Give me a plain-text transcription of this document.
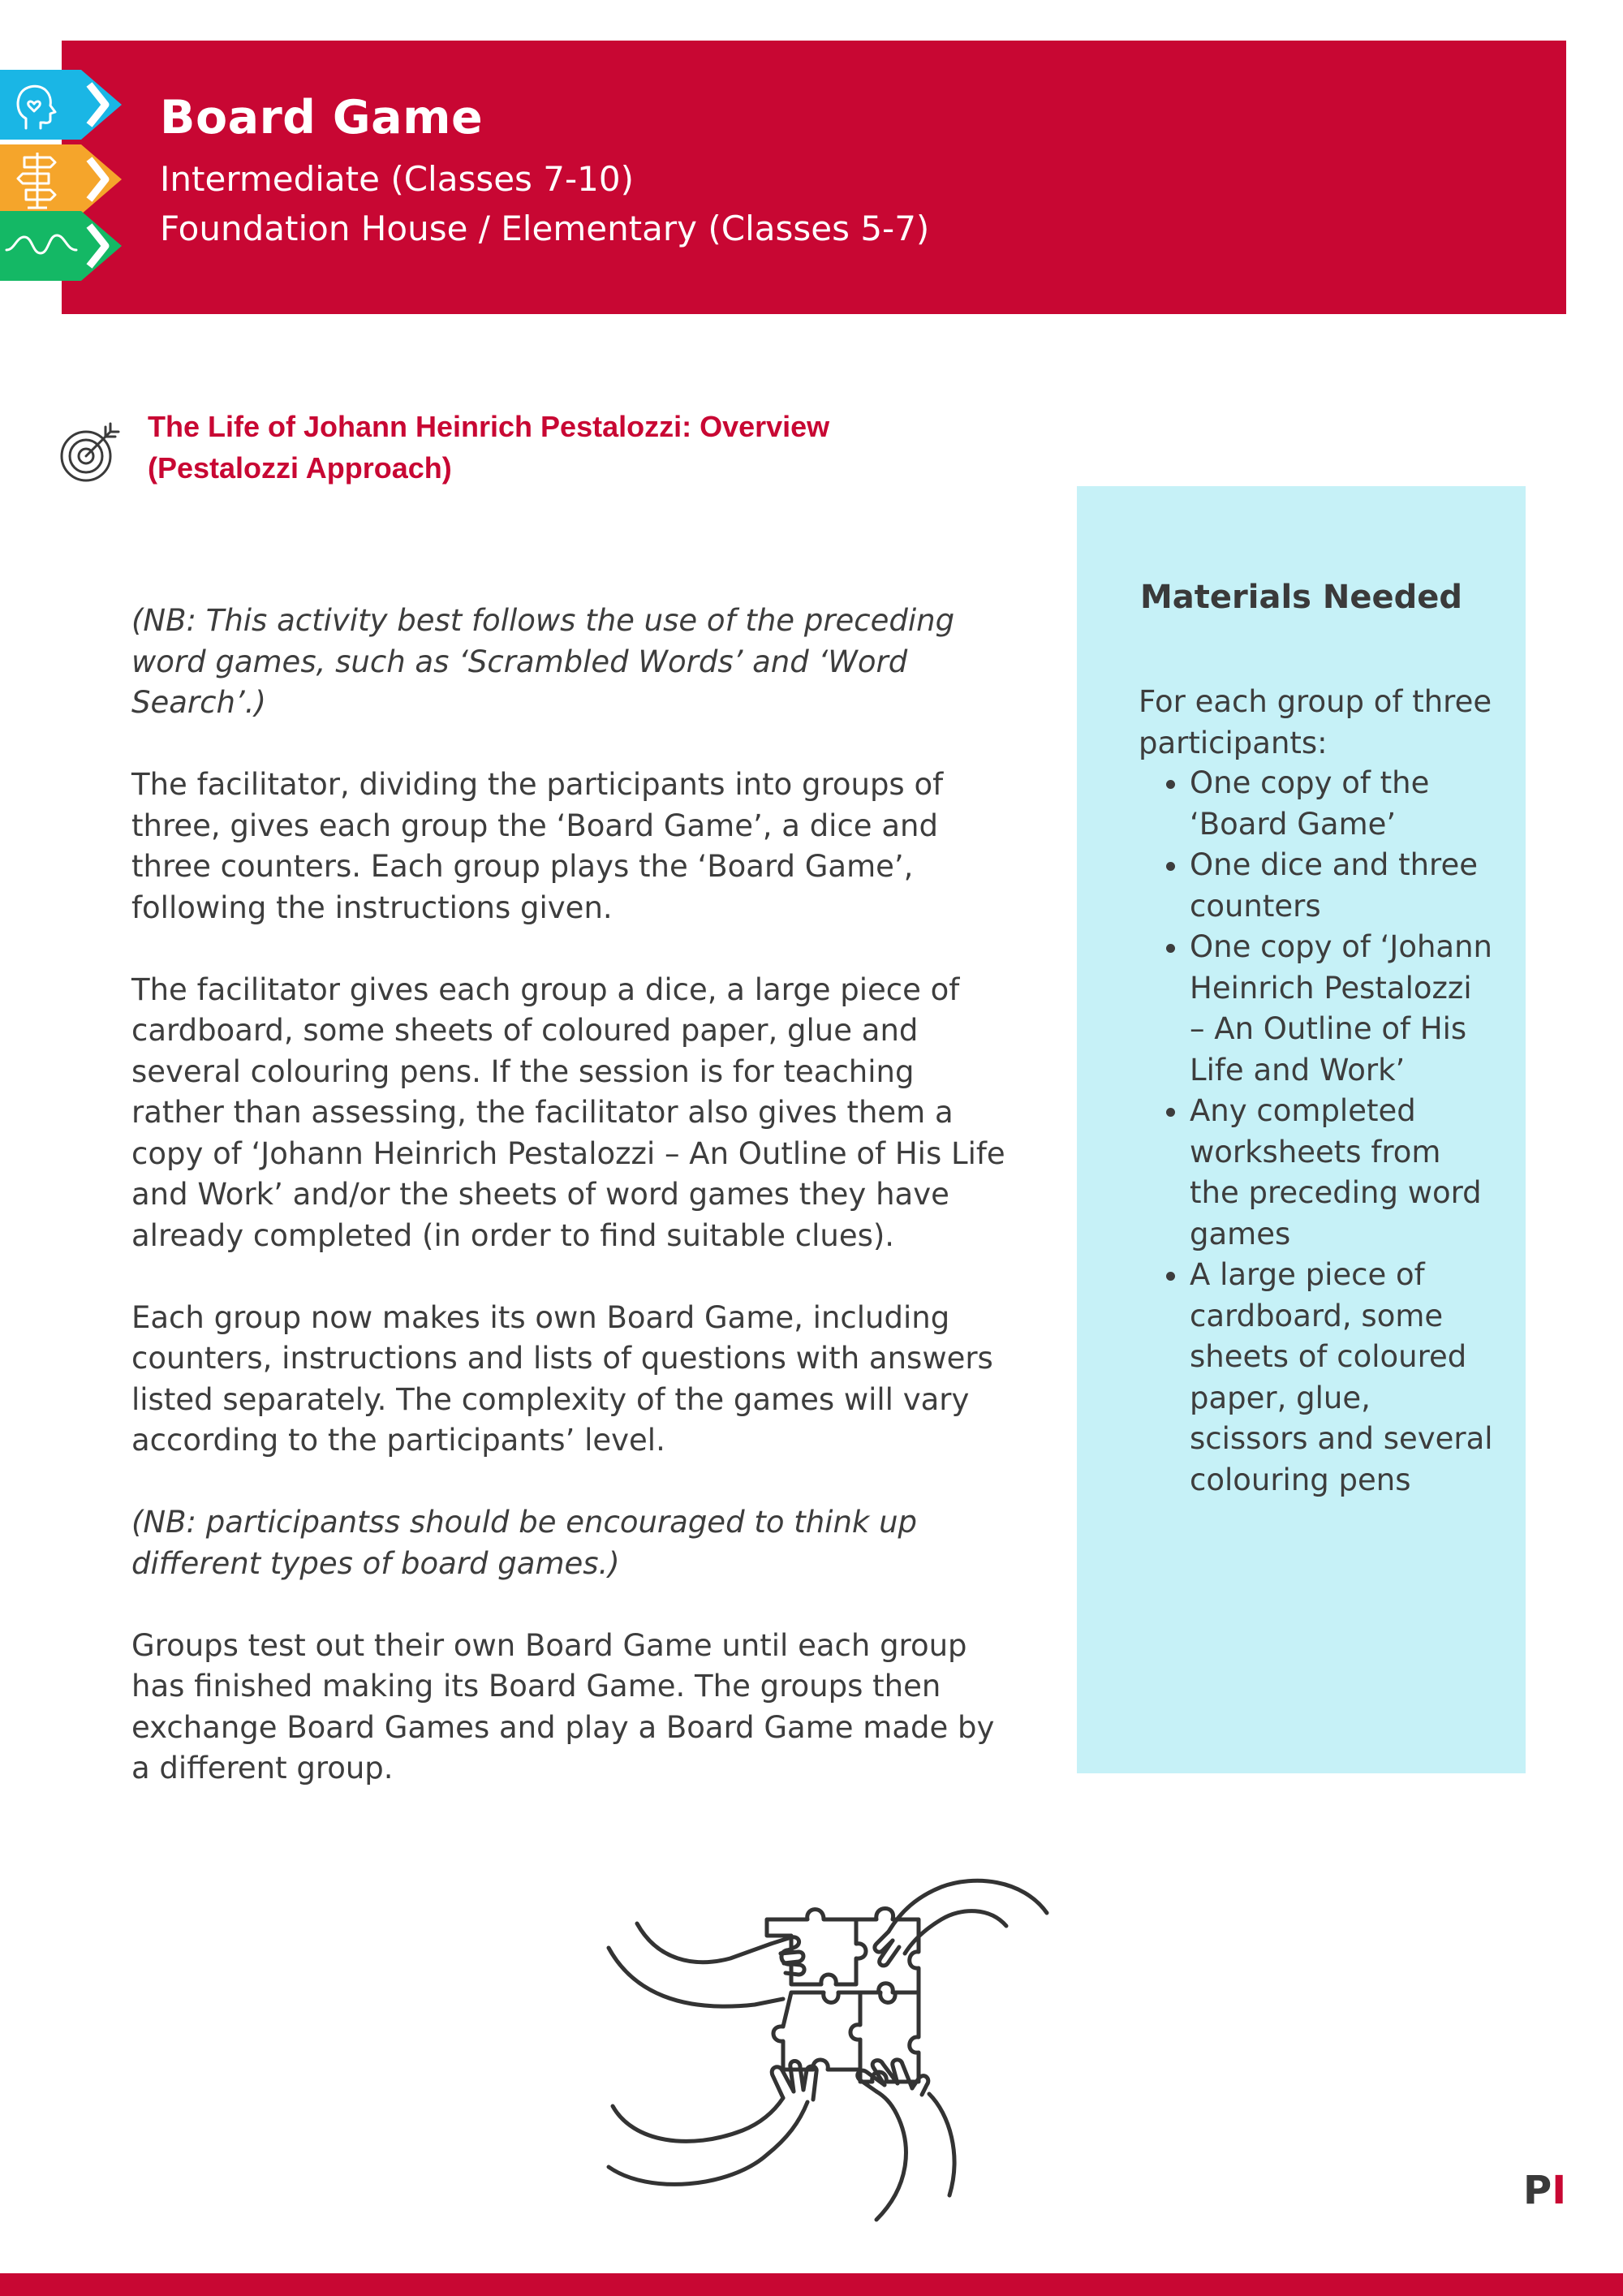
Board Game
Intermediate (Classes 7-10)
Foundation House / Elementary (Classes 5-7)
The Life of Johann Heinrich Pestalozzi: Overview
(Pestalozzi Approach)

(NB: This activity best follows the use of the preceding word games, such as ‘Scrambled Words’ and ‘Word Search’.)

The facilitator, dividing the participants into groups of three, gives each group the ‘Board Game’, a dice and three counters. Each group plays the ‘Board Game’, following the instructions given.

The facilitator gives each group a dice, a large piece of cardboard, some sheets of coloured paper, glue and several colouring pens. If the session is for teaching rather than assessing, the facilitator also gives them a copy of ‘Johann Heinrich Pestalozzi – An Outline of His Life and Work’ and/or the sheets of word games they have already completed (in order to find suitable clues).

Each group now makes its own Board Game, including counters, instructions and lists of questions with answers listed separately. The complexity of the games will vary according to the participants’ level.

(NB: participantss should be encouraged to think up different types of board games.)

Groups test out their own Board Game until each group has finished making its Board Game. The groups then exchange Board Games and play a Board Game made by a different group.

Materials Needed
For each group of three participants:
• One copy of the ‘Board Game’
• One dice and three counters
• One copy of ‘Johann Heinrich Pestalozzi – An Outline of His Life and Work’
• Any completed worksheets from the preceding word games
• A large piece of cardboard, some sheets of coloured paper, glue, scissors and several colouring pens
PI
